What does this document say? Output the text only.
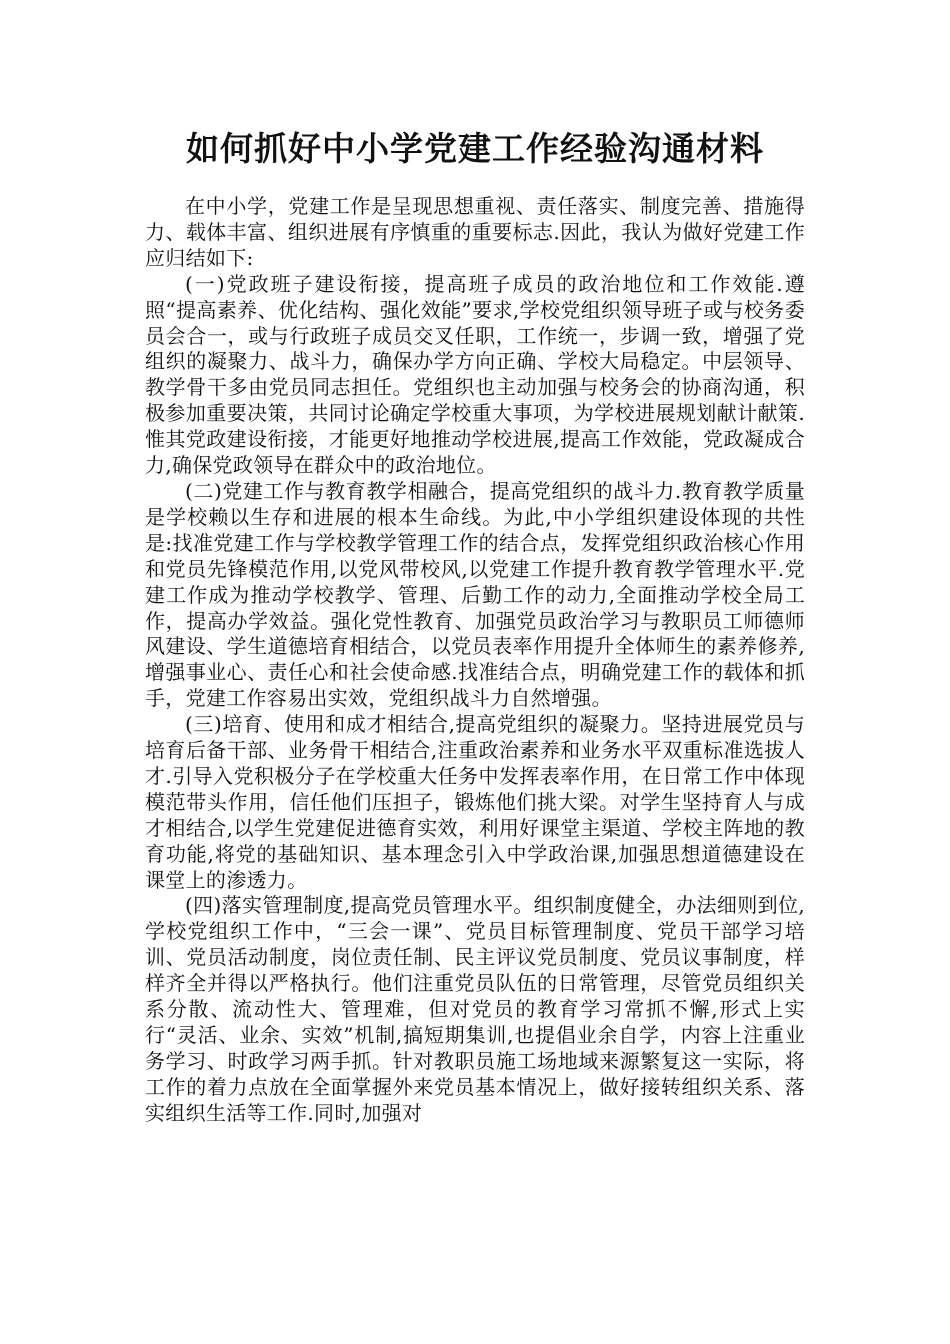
如何抓好中小学党建工作经验沟通材料

在中小学，党建工作是呈现思想重视、责任落实、制度完善、措施得力、载体丰富、组织进展有序慎重的重要标志.因此，我认为做好党建工作应归结如下:

(一)党政班子建设衔接，提高班子成员的政治地位和工作效能.遵照“提高素养、优化结构、强化效能”要求,学校党组织领导班子或与校务委员会合一，或与行政班子成员交叉任职，工作统一，步调一致，增强了党组织的凝聚力、战斗力，确保办学方向正确、学校大局稳定。中层领导、教学骨干多由党员同志担任。党组织也主动加强与校务会的协商沟通，积极参加重要决策，共同讨论确定学校重大事项，为学校进展规划献计献策.惟其党政建设衔接，才能更好地推动学校进展,提高工作效能，党政凝成合力,确保党政领导在群众中的政治地位。

(二)党建工作与教育教学相融合，提高党组织的战斗力.教育教学质量是学校赖以生存和进展的根本生命线。为此,中小学组织建设体现的共性是:找准党建工作与学校教学管理工作的结合点，发挥党组织政治核心作用和党员先锋模范作用,以党风带校风,以党建工作提升教育教学管理水平.党建工作成为推动学校教学、管理、后勤工作的动力,全面推动学校全局工作，提高办学效益。强化党性教育、加强党员政治学习与教职员工师德师风建设、学生道德培育相结合，以党员表率作用提升全体师生的素养修养,增强事业心、责任心和社会使命感.找准结合点，明确党建工作的载体和抓手，党建工作容易出实效，党组织战斗力自然增强。

(三)培育、使用和成才相结合,提高党组织的凝聚力。坚持进展党员与培育后备干部、业务骨干相结合,注重政治素养和业务水平双重标准选拔人才.引导入党积极分子在学校重大任务中发挥表率作用，在日常工作中体现模范带头作用，信任他们压担子，锻炼他们挑大梁。对学生坚持育人与成才相结合,以学生党建促进德育实效，利用好课堂主渠道、学校主阵地的教育功能,将党的基础知识、基本理念引入中学政治课,加强思想道德建设在课堂上的渗透力。

(四)落实管理制度,提高党员管理水平。组织制度健全，办法细则到位,学校党组织工作中，“三会一课”、党员目标管理制度、党员干部学习培训、党员活动制度，岗位责任制、民主评议党员制度、党员议事制度，样样齐全并得以严格执行。他们注重党员队伍的日常管理，尽管党员组织关系分散、流动性大、管理难，但对党员的教育学习常抓不懈,形式上实行“灵活、业余、实效”机制,搞短期集训,也提倡业余自学，内容上注重业务学习、时政学习两手抓。针对教职员施工场地域来源繁复这一实际，将工作的着力点放在全面掌握外来党员基本情况上，做好接转组织关系、落实组织生活等工作.同时,加强对
